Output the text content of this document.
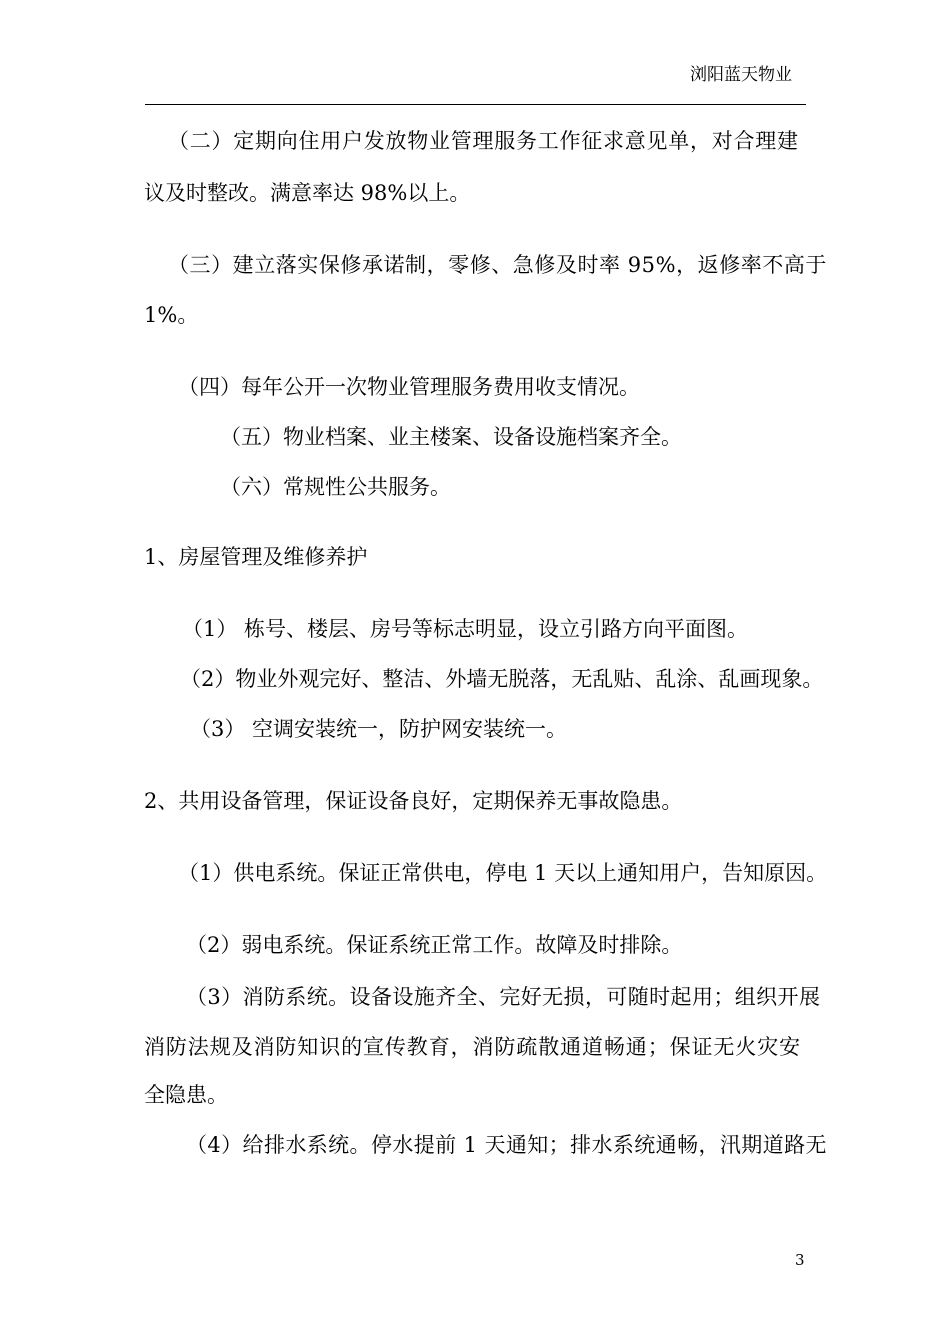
浏阳蓝天物业
（二）定期向住用户发放物业管理服务工作征求意见单，对合理建
议及时整改。满意率达 98%以上。
（三）建立落实保修承诺制，零修、急修及时率 95%，返修率不高于
1%。
（四）每年公开一次物业管理服务费用收支情况。
（五）物业档案、业主楼案、设备设施档案齐全。
（六）常规性公共服务。
1、房屋管理及维修养护
（1） 栋号、楼层、房号等标志明显，设立引路方向平面图。
（2）物业外观完好、整洁、外墙无脱落，无乱贴、乱涂、乱画现象。
（3） 空调安装统一，防护网安装统一。
2、共用设备管理，保证设备良好，定期保养无事故隐患。
（1）供电系统。保证正常供电，停电 1 天以上通知用户，告知原因。
（2）弱电系统。保证系统正常工作。故障及时排除。
（3）消防系统。设备设施齐全、完好无损，可随时起用；组织开展
消防法规及消防知识的宣传教育，消防疏散通道畅通；保证无火灾安
全隐患。
（4）给排水系统。停水提前 1 天通知；排水系统通畅，汛期道路无
3
